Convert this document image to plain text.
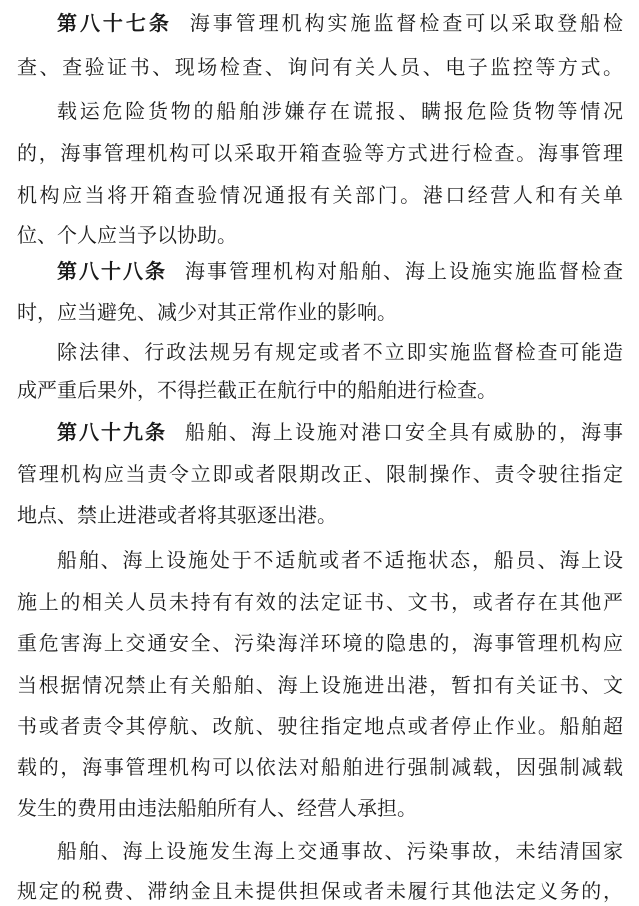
第八十七条 海事管理机构实施监督检查可以采取登船检
查、查验证书、现场检查、询问有关人员、电子监控等方式。
载运危险货物的船舶涉嫌存在谎报、瞒报危险货物等情况
的，海事管理机构可以采取开箱查验等方式进行检查。海事管理
机构应当将开箱查验情况通报有关部门。港口经营人和有关单
位、个人应当予以协助。
第八十八条 海事管理机构对船舶、海上设施实施监督检查
时，应当避免、减少对其正常作业的影响。
除法律、行政法规另有规定或者不立即实施监督检查可能造
成严重后果外，不得拦截正在航行中的船舶进行检查。
第八十九条 船舶、海上设施对港口安全具有威胁的，海事
管理机构应当责令立即或者限期改正、限制操作、责令驶往指定
地点、禁止进港或者将其驱逐出港。
船舶、海上设施处于不适航或者不适拖状态，船员、海上设
施上的相关人员未持有有效的法定证书、文书，或者存在其他严
重危害海上交通安全、污染海洋环境的隐患的，海事管理机构应
当根据情况禁止有关船舶、海上设施进出港，暂扣有关证书、文
书或者责令其停航、改航、驶往指定地点或者停止作业。船舶超
载的，海事管理机构可以依法对船舶进行强制减载，因强制减载
发生的费用由违法船舶所有人、经营人承担。
船舶、海上设施发生海上交通事故、污染事故，未结清国家
规定的税费、滞纳金且未提供担保或者未履行其他法定义务的，
